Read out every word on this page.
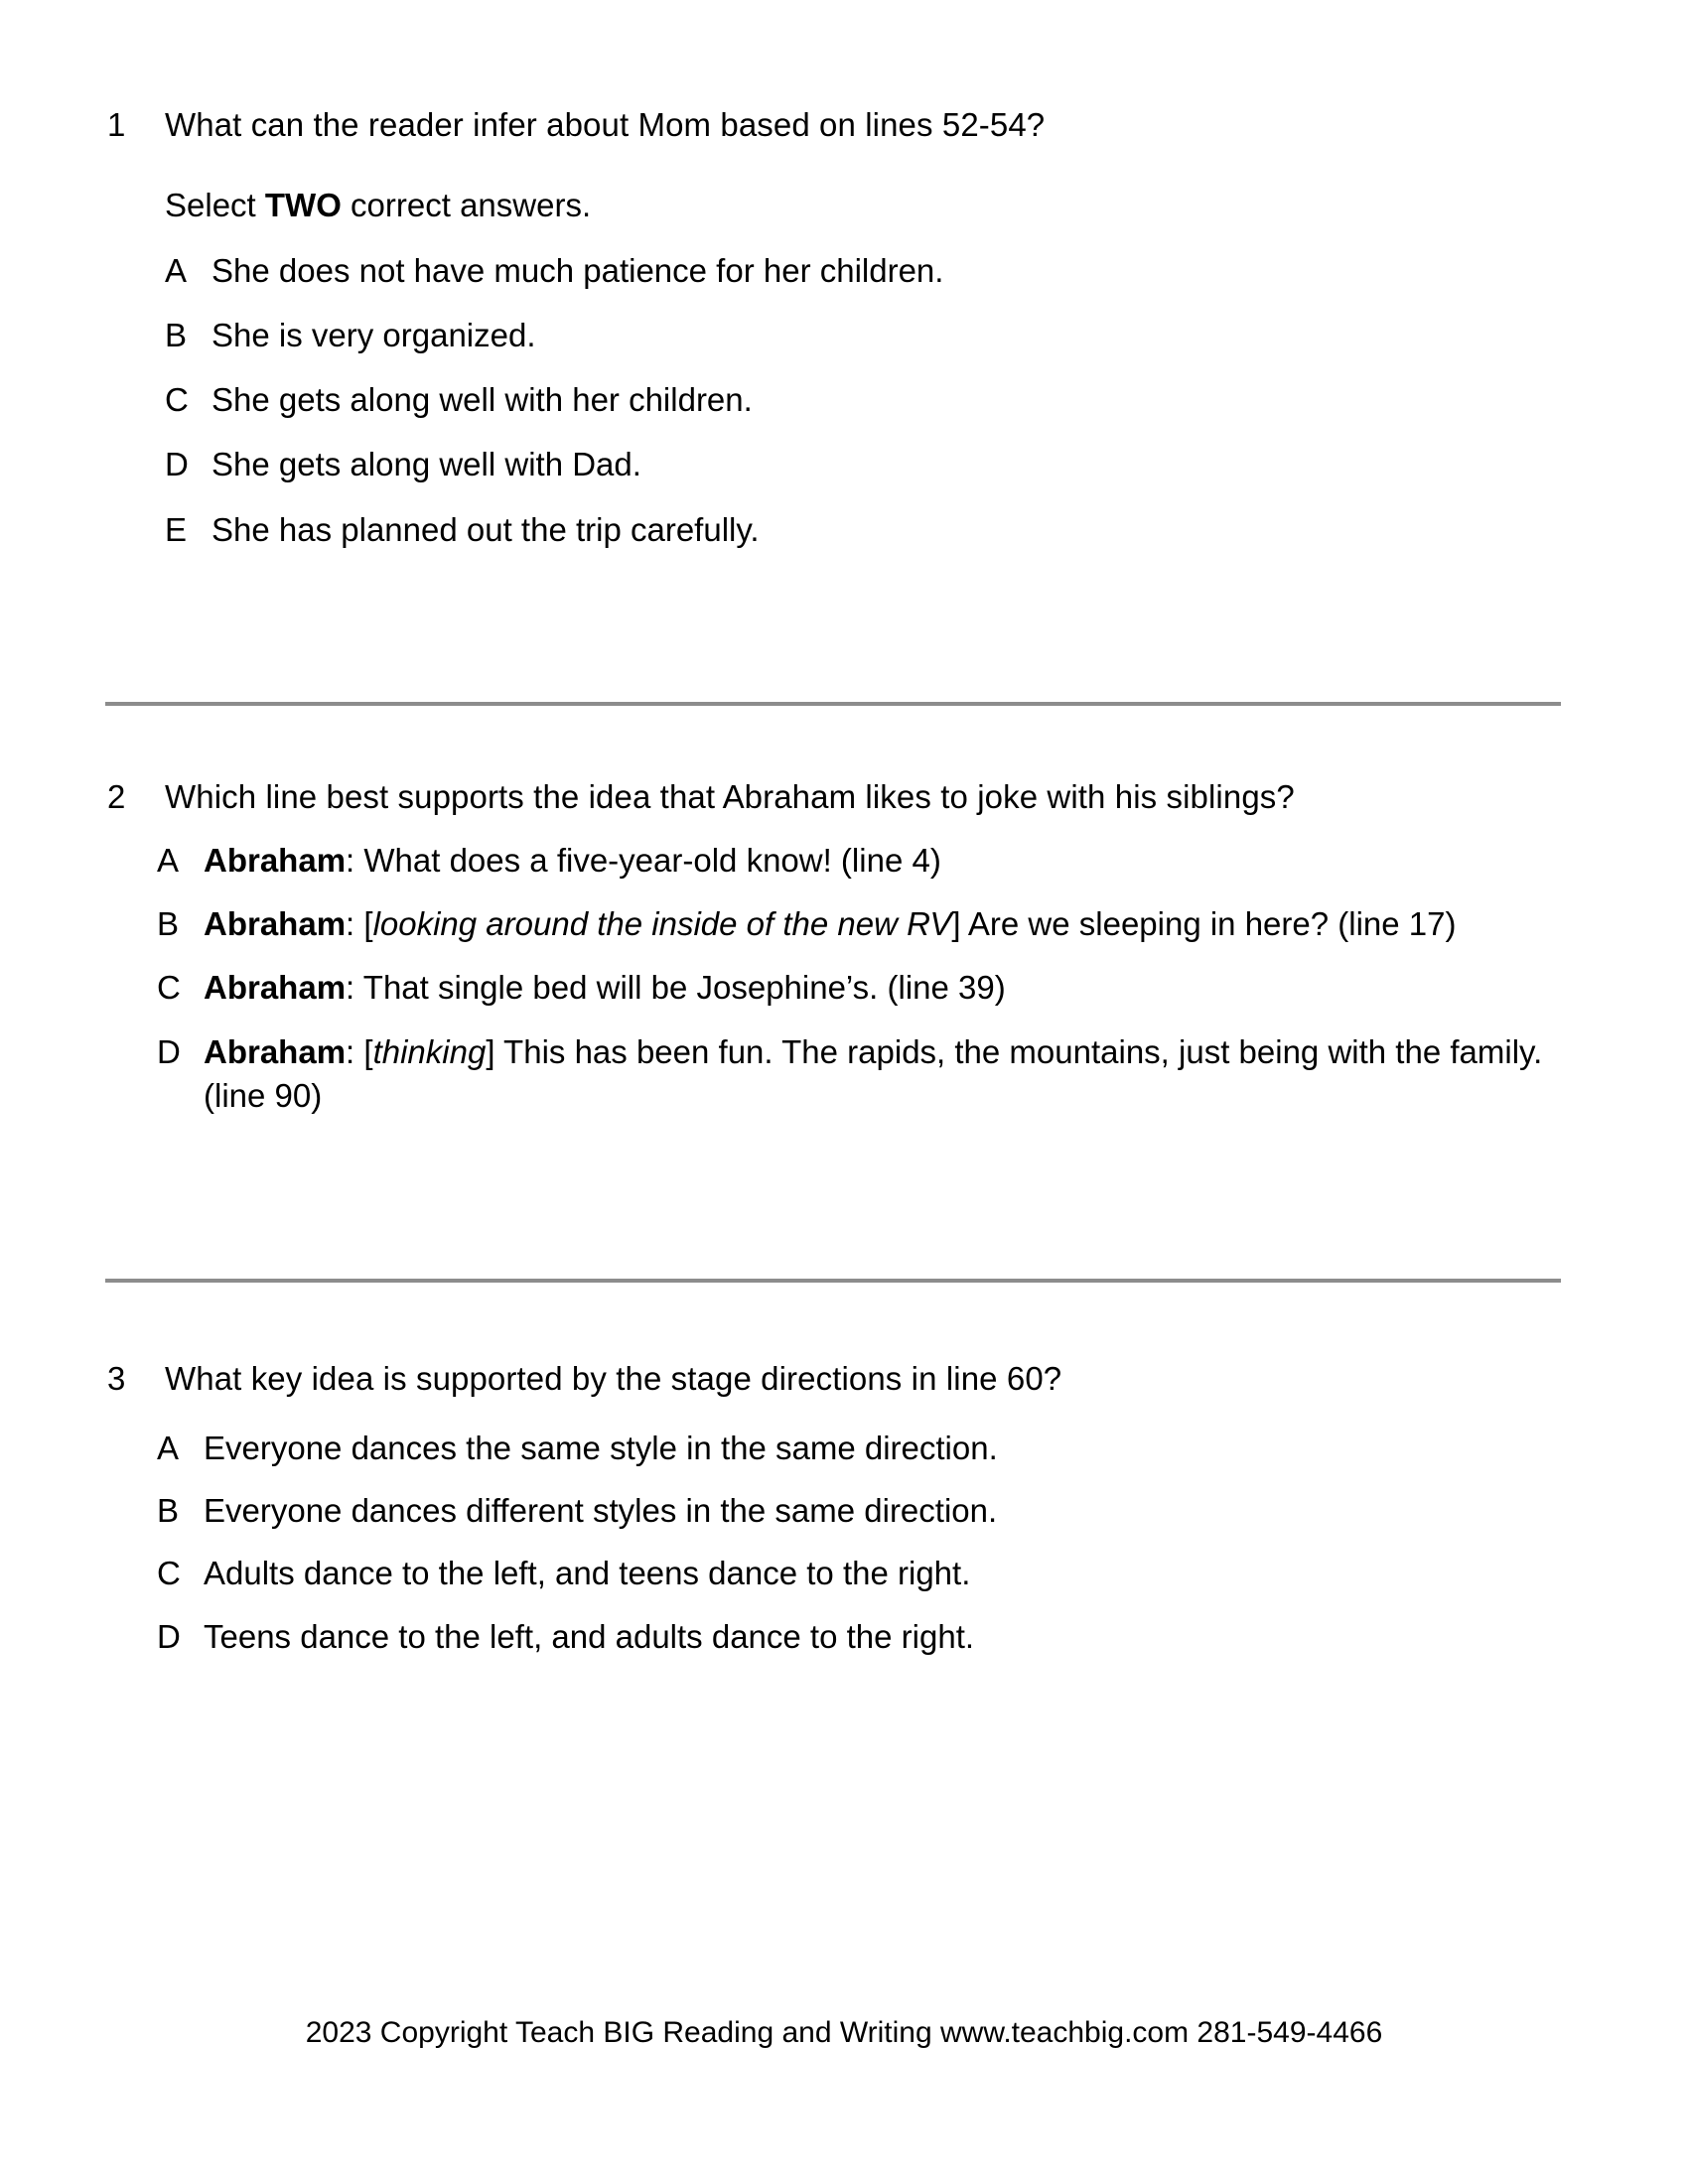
1	What can the reader infer about Mom based on lines 52-54?
Select TWO correct answers.
A She does not have much patience for her children.
B She is very organized.
C She gets along well with her children.
D She gets along well with Dad.
E She has planned out the trip carefully.
2	Which line best supports the idea that Abraham likes to joke with his siblings?
A Abraham: What does a five-year-old know! (line 4)
B Abraham: [looking around the inside of the new RV] Are we sleeping in here? (line 17)
C Abraham: That single bed will be Josephine’s. (line 39)
D Abraham: [thinking] This has been fun. The rapids, the mountains, just being with the family. (line 90)
3	What key idea is supported by the stage directions in line 60?
A Everyone dances the same style in the same direction.
B Everyone dances different styles in the same direction.
C Adults dance to the left, and teens dance to the right.
D Teens dance to the left, and adults dance to the right.
2023 Copyright Teach BIG Reading and Writing www.teachbig.com 281-549-4466
